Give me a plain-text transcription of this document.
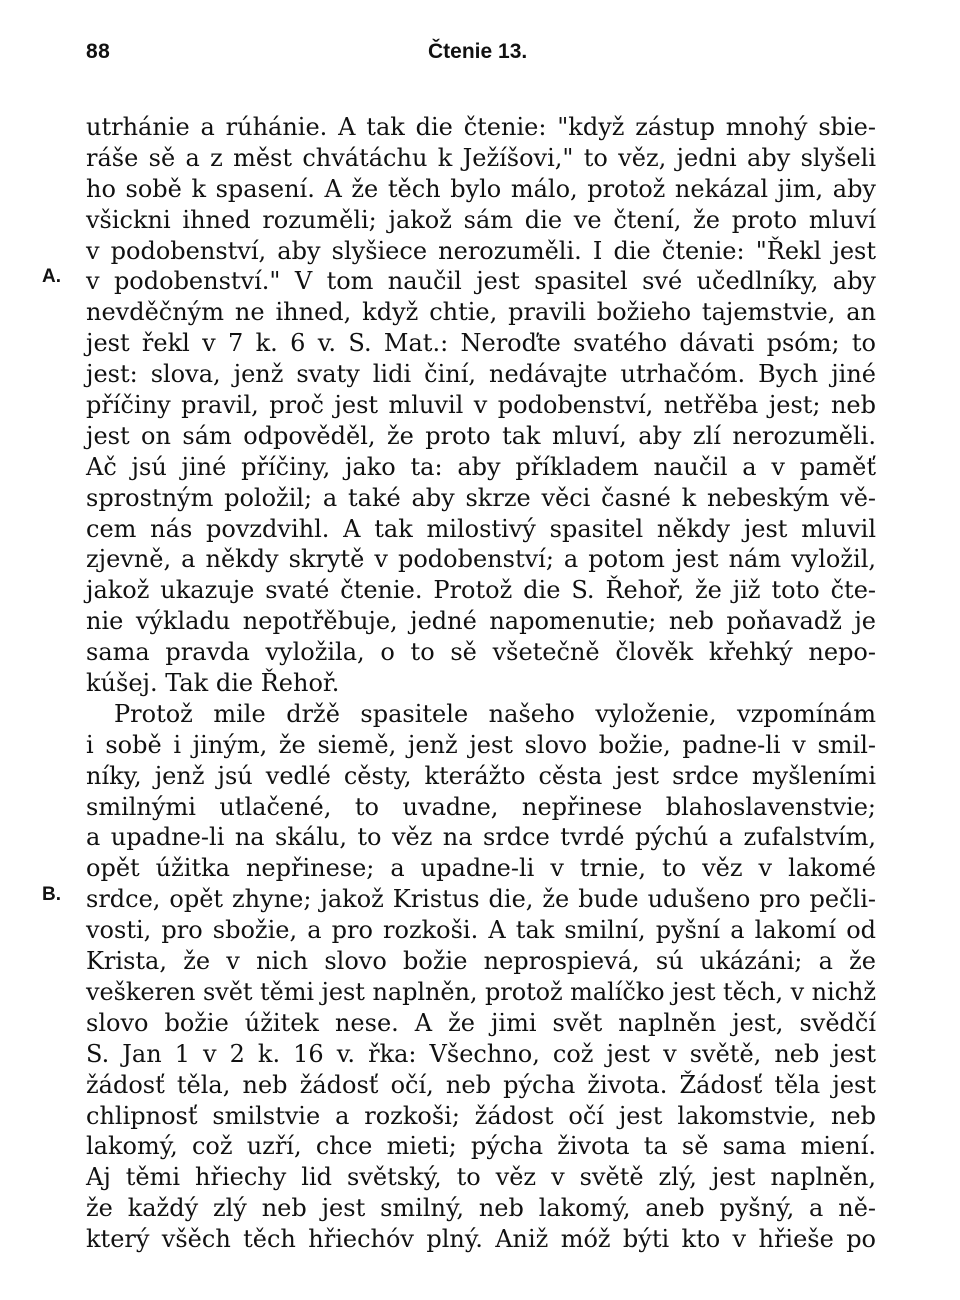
88	Čtenie 13.
A.
B.
utrhánie a rúhánie. A tak die čtenie: "když zástup mnohý sbie-
ráše sě a z měst chvátáchu k Ježíšovi," to věz, jedni aby slyšeli
ho sobě k spasení. A že těch bylo málo, protož nekázal jim, aby
všickni ihned rozuměli; jakož sám die ve čtení, že proto mluví
v podobenství, aby slyšiece nerozuměli. I die čtenie: "Řekl jest
v podobenství." V tom naučil jest spasitel své učedlníky, aby
nevděčným ne ihned, když chtie, pravili božieho tajemstvie, an
jest řekl v 7 k. 6 v. S. Mat.: Neroďte svatého dávati psóm; to
jest: slova, jenž svaty lidi činí, nedávajte utrhačóm. Bych jiné
příčiny pravil, proč jest mluvil v podobenství, netřěba jest; neb
jest on sám odpověděl, že proto tak mluví, aby zlí nerozuměli.
Ač jsú jiné příčiny, jako ta: aby příkladem naučil a v paměť
sprostným položil; a také aby skrze věci časné k nebeským vě-
cem nás povzdvihl. A tak milostivý spasitel někdy jest mluvil
zjevně, a někdy skrytě v podobenství; a potom jest nám vyložil,
jakož ukazuje svaté čtenie. Protož die S. Řehoř, že již toto čte-
nie výkladu nepotřěbuje, jedné napomenutie; neb poňavadž je
sama pravda vyložila, o to sě všetečně člověk křehký nepo-
kúšej. Tak die Řehoř.
Protož mile držě spasitele našeho vyloženie, vzpomínám
i sobě i jiným, že siemě, jenž jest slovo božie, padne-li v smil-
níky, jenž jsú vedlé cěsty, kterážto cěsta jest srdce myšleními
smilnými utlačené, to uvadne, nepřinese blahoslavenstvie;
a upadne-li na skálu, to věz na srdce tvrdé pýchú a zufalstvím,
opět úžitka nepřinese; a upadne-li v trnie, to věz v lakomé
srdce, opět zhyne; jakož Kristus die, že bude udušeno pro pečli-
vosti, pro sbožie, a pro rozkoši. A tak smilní, pyšní a lakomí od
Krista, že v nich slovo božie neprospievá, sú ukázáni; a že
veškeren svět těmi jest naplněn, protož malíčko jest těch, v nichž
slovo božie úžitek nese. A že jimi svět naplněn jest, svědčí
S. Jan 1 v 2 k. 16 v. řka: Všechno, což jest v světě, neb jest
žádosť těla, neb žádosť očí, neb pýcha života. Žádosť těla jest
chlipnosť smilstvie a rozkoši; žádost očí jest lakomstvie, neb
lakomý, což uzří, chce mieti; pýcha života ta sě sama miení.
Aj těmi hřiechy lid světský, to věz v světě zlý, jest naplněn,
že každý zlý neb jest smilný, neb lakomý, aneb pyšný, a ně-
který všěch těch hřiechóv plný. Aniž móž býti kto v hřieše po
